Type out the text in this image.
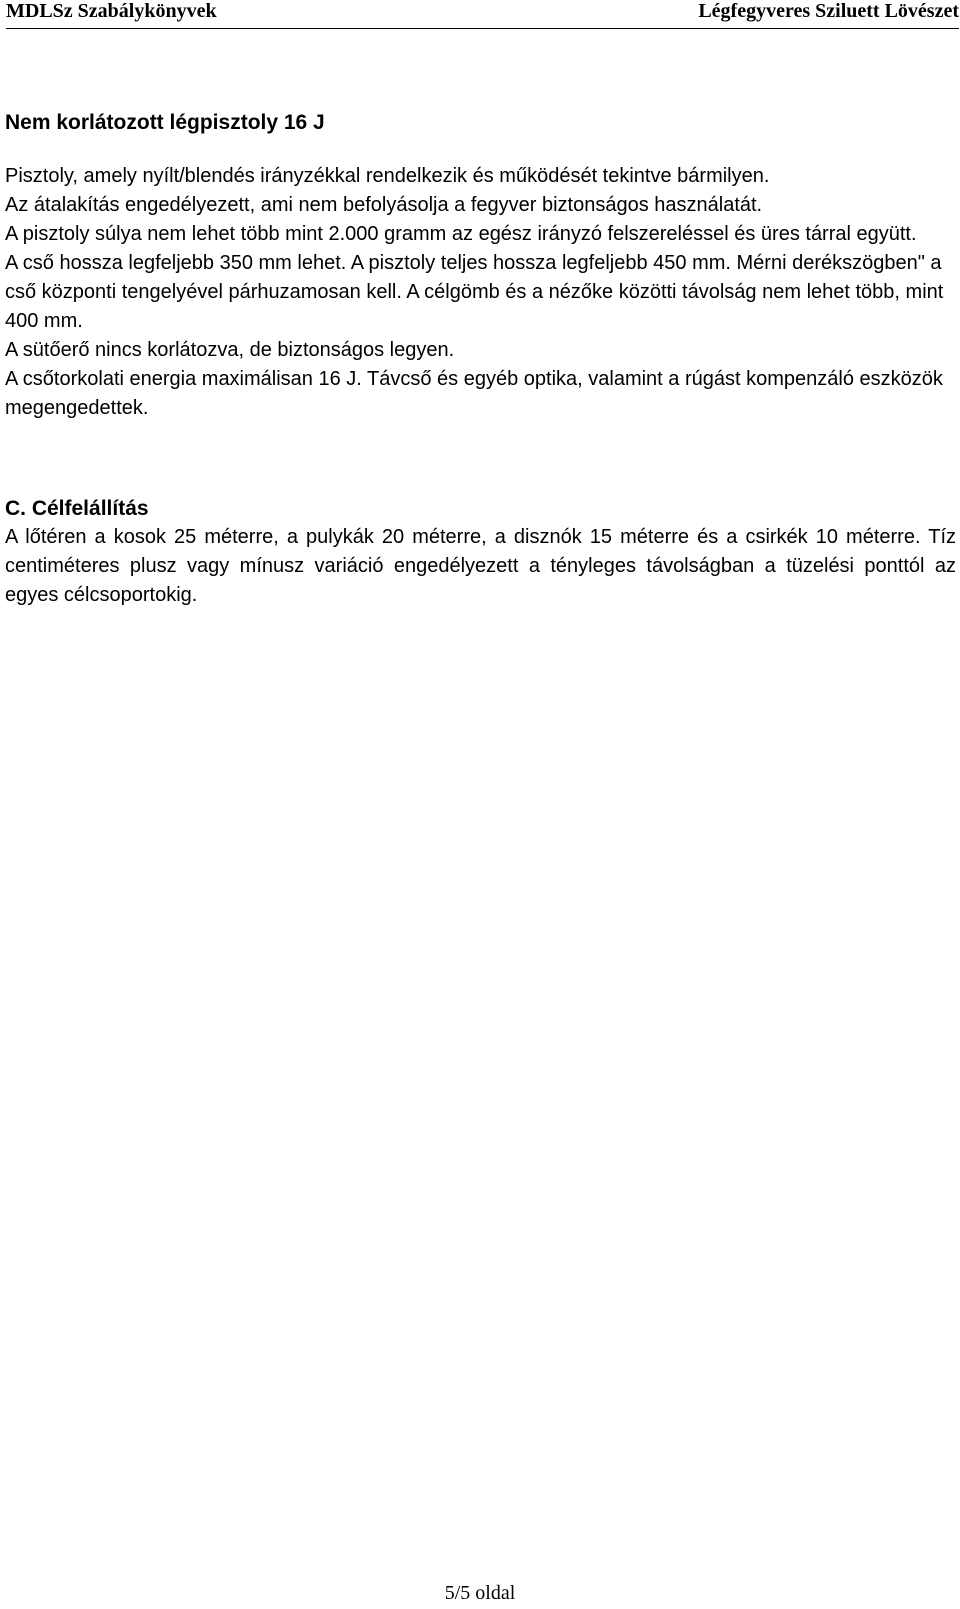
MDLSz Szabálykönyvek	Légfegyveres Sziluett Lövészet
Nem korlátozott légpisztoly 16 J

Pisztoly, amely nyílt/blendés irányzékkal rendelkezik és működését tekintve bármilyen.

Az átalakítás engedélyezett, ami nem befolyásolja a fegyver biztonságos használatát.

A pisztoly súlya nem lehet több mint 2.000 gramm az egész irányzó felszereléssel és üres tárral együtt.

A cső hossza legfeljebb 350 mm lehet. A pisztoly teljes hossza legfeljebb 450 mm. Mérni derékszögben" a cső központi tengelyével párhuzamosan kell. A célgömb és a nézőke közötti távolság nem lehet több, mint 400 mm.

A sütőerő nincs korlátozva, de biztonságos legyen.

A csőtorkolati energia maximálisan 16 J. Távcső és egyéb optika, valamint a rúgást kompenzáló eszközök megengedettek.

C. Célfelállítás

A lőtéren a kosok 25 méterre, a pulykák 20 méterre, a disznók 15 méterre és a csirkék 10 méterre. Tíz centiméteres plusz vagy mínusz variáció engedélyezett a tényleges távolságban a tüzelési ponttól az egyes célcsoportokig.

5/5 oldal
